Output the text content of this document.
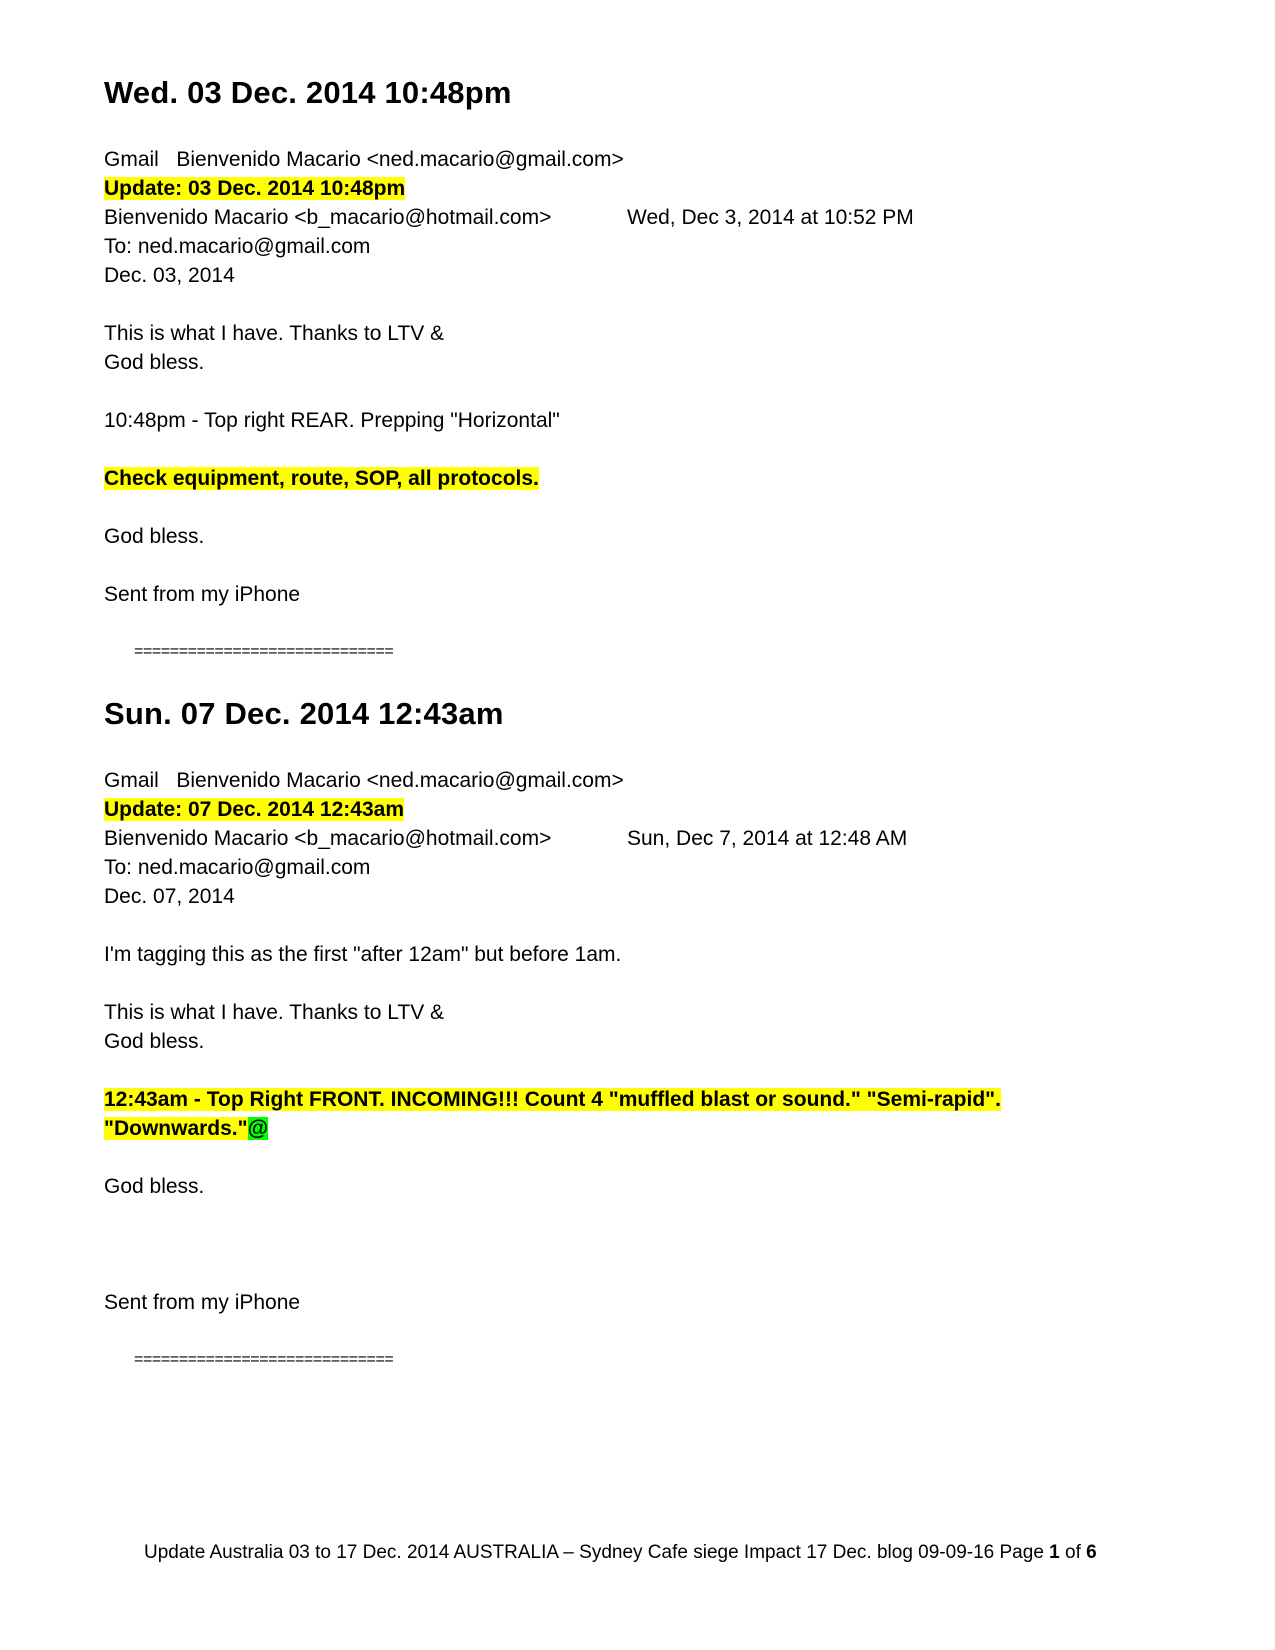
Wed. 03 Dec. 2014 10:48pm
Gmail Bienvenido Macario <ned.macario@gmail.com>
Update: 03 Dec. 2014 10:48pm
Bienvenido Macario <b_macario@hotmail.com>	Wed, Dec 3, 2014 at 10:52 PM
To: ned.macario@gmail.com
Dec. 03, 2014
This is what I have. Thanks to LTV &
God bless.
10:48pm - Top right REAR. Prepping "Horizontal"
Check equipment, route, SOP, all protocols.
God bless.
Sent from my iPhone
=============================
Sun. 07 Dec. 2014 12:43am
Gmail Bienvenido Macario <ned.macario@gmail.com>
Update: 07 Dec. 2014 12:43am
Bienvenido Macario <b_macario@hotmail.com>	Sun, Dec 7, 2014 at 12:48 AM
To: ned.macario@gmail.com
Dec. 07, 2014
I'm tagging this as the first "after 12am" but before 1am.
This is what I have. Thanks to LTV &
God bless.
12:43am - Top Right FRONT. INCOMING!!! Count 4 "muffled blast or sound." "Semi-rapid".
"Downwards."@
God bless.
Sent from my iPhone
=============================
Update Australia 03 to 17 Dec. 2014 AUSTRALIA – Sydney Cafe siege Impact 17 Dec. blog 09-09-16 Page 1 of 6
